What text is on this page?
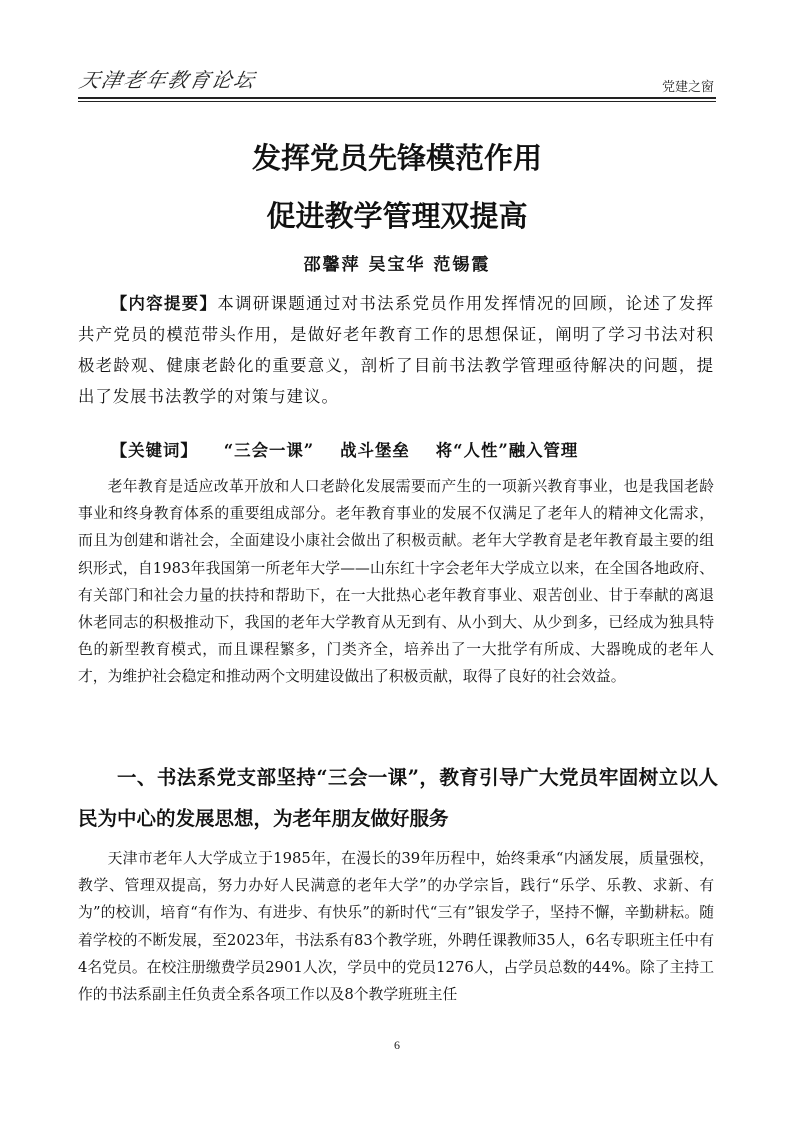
天津老年教育论坛	党建之窗
发挥党员先锋模范作用
促进教学管理双提高
邵馨萍 吴宝华 范锡霞

【内容提要】本调研课题通过对书法系党员作用发挥情况的回顾，论述了发挥共产党员的模范带头作用，是做好老年教育工作的思想保证，阐明了学习书法对积极老龄观、健康老龄化的重要意义，剖析了目前书法教学管理亟待解决的问题，提出了发展书法教学的对策与建议。

【关键词】 “三会一课” 战斗堡垒 将“人性”融入管理

老年教育是适应改革开放和人口老龄化发展需要而产生的一项新兴教育事业，也是我国老龄事业和终身教育体系的重要组成部分。老年教育事业的发展不仅满足了老年人的精神文化需求，而且为创建和谐社会，全面建设小康社会做出了积极贡献。老年大学教育是老年教育最主要的组织形式，自1983年我国第一所老年大学——山东红十字会老年大学成立以来，在全国各地政府、有关部门和社会力量的扶持和帮助下，在一大批热心老年教育事业、艰苦创业、甘于奉献的离退休老同志的积极推动下，我国的老年大学教育从无到有、从小到大、从少到多，已经成为独具特色的新型教育模式，而且课程繁多，门类齐全，培养出了一大批学有所成、大器晚成的老年人才，为维护社会稳定和推动两个文明建设做出了积极贡献，取得了良好的社会效益。

一、书法系党支部坚持“三会一课”，教育引导广大党员牢固树立以人民为中心的发展思想，为老年朋友做好服务

天津市老年人大学成立于1985年，在漫长的39年历程中，始终秉承“内涵发展，质量强校，教学、管理双提高，努力办好人民满意的老年大学”的办学宗旨，践行“乐学、乐教、求新、有为”的校训，培育“有作为、有进步、有快乐”的新时代“三有”银发学子，坚持不懈，辛勤耕耘。随着学校的不断发展，至2023年，书法系有83个教学班，外聘任课教师35人，6名专职班主任中有4名党员。在校注册缴费学员2901人次，学员中的党员1276人，占学员总数的44%。除了主持工作的书法系副主任负责全系各项工作以及8个教学班班主任

6
